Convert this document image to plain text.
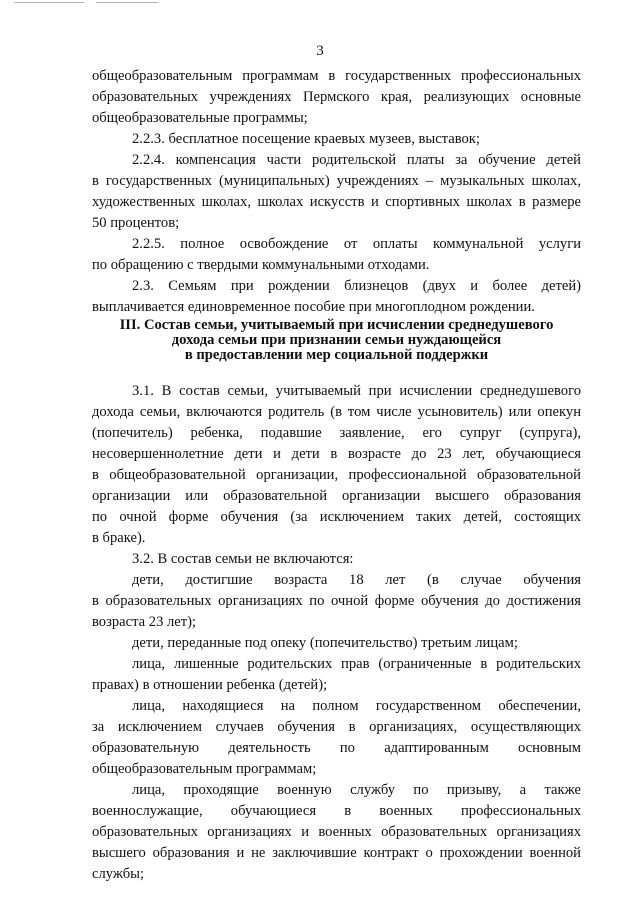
3
общеобразовательным программам в государственных профессиональных
образовательных учреждениях Пермского края, реализующих основные
общеобразовательные программы;
2.2.3. бесплатное посещение краевых музеев, выставок;
2.2.4. компенсация части родительской платы за обучение детей
в государственных (муниципальных) учреждениях – музыкальных школах,
художественных школах, школах искусств и спортивных школах в размере
50 процентов;
2.2.5. полное освобождение от оплаты коммунальной услуги
по обращению с твердыми коммунальными отходами.
2.3. Семьям при рождении близнецов (двух и более детей)
выплачивается единовременное пособие при многоплодном рождении.
III. Состав семьи, учитываемый при исчислении среднедушевого
дохода семьи при признании семьи нуждающейся
в предоставлении мер социальной поддержки
3.1. В состав семьи, учитываемый при исчислении среднедушевого
дохода семьи, включаются родитель (в том числе усыновитель) или опекун
(попечитель) ребенка, подавшие заявление, его супруг (супруга),
несовершеннолетние дети и дети в возрасте до 23 лет, обучающиеся
в общеобразовательной организации, профессиональной образовательной
организации или образовательной организации высшего образования
по очной форме обучения (за исключением таких детей, состоящих
в браке).
3.2. В состав семьи не включаются:
дети, достигшие возраста 18 лет (в случае обучения
в образовательных организациях по очной форме обучения до достижения
возраста 23 лет);
дети, переданные под опеку (попечительство) третьим лицам;
лица, лишенные родительских прав (ограниченные в родительских
правах) в отношении ребенка (детей);
лица, находящиеся на полном государственном обеспечении,
за исключением случаев обучения в организациях, осуществляющих
образовательную деятельность по адаптированным основным
общеобразовательным программам;
лица, проходящие военную службу по призыву, а также
военнослужащие, обучающиеся в военных профессиональных
образовательных организациях и военных образовательных организациях
высшего образования и не заключившие контракт о прохождении военной
службы;
